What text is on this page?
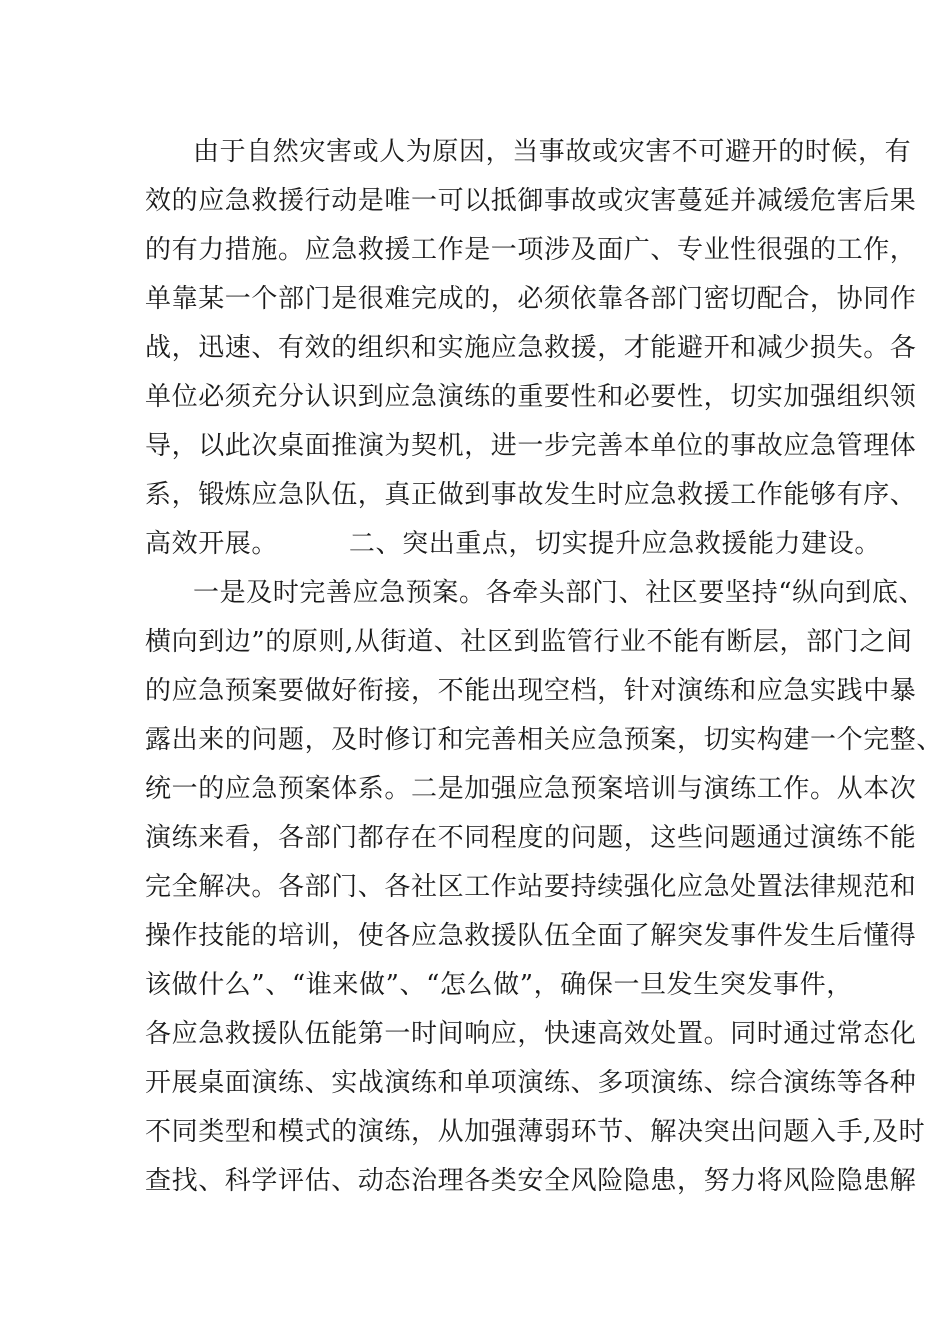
由于自然灾害或人为原因，当事故或灾害不可避开的时候，有
效的应急救援行动是唯一可以抵御事故或灾害蔓延并减缓危害后果
的有力措施。应急救援工作是一项涉及面广、专业性很强的工作，
单靠某一个部门是很难完成的，必须依靠各部门密切配合，协同作
战，迅速、有效的组织和实施应急救援，才能避开和减少损失。各
单位必须充分认识到应急演练的重要性和必要性，切实加强组织领
导，以此次桌面推演为契机，进一步完善本单位的事故应急管理体
系，锻炼应急队伍，真正做到事故发生时应急救援工作能够有序、
高效开展。        二、突出重点，切实提升应急救援能力建设。
一是及时完善应急预案。各牵头部门、社区要坚持“纵向到底、
横向到边”的原则,从街道、社区到监管行业不能有断层，部门之间
的应急预案要做好衔接，不能出现空档，针对演练和应急实践中暴
露出来的问题，及时修订和完善相关应急预案，切实构建一个完整、
统一的应急预案体系。二是加强应急预案培训与演练工作。从本次
演练来看，各部门都存在不同程度的问题，这些问题通过演练不能
完全解决。各部门、各社区工作站要持续强化应急处置法律规范和
操作技能的培训，使各应急救援队伍全面了解突发事件发生后懂得
该做什么”、“谁来做”、“怎么做”，确保一旦发生突发事件，
各应急救援队伍能第一时间响应，快速高效处置。同时通过常态化
开展桌面演练、实战演练和单项演练、多项演练、综合演练等各种
不同类型和模式的演练，从加强薄弱环节、解决突出问题入手,及时
查找、科学评估、动态治理各类安全风险隐患，努力将风险隐患解
